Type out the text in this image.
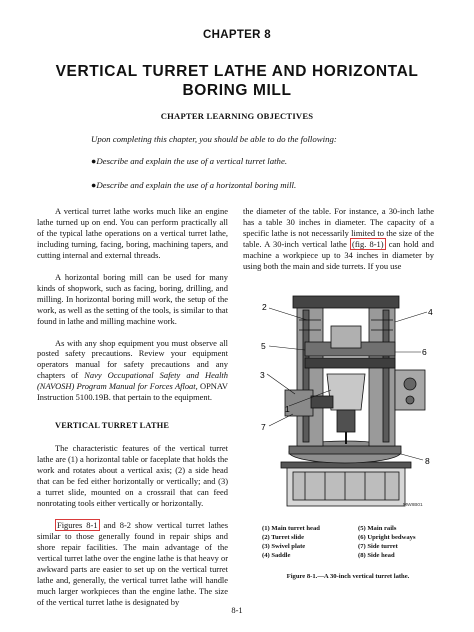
CHAPTER 8
VERTICAL TURRET LATHE AND HORIZONTAL
BORING MILL
CHAPTER LEARNING OBJECTIVES
Upon completing this chapter, you should be able to do the following:
●Describe and explain the use of a vertical turret lathe.
●Describe and explain the use of a horizontal boring mill.

A vertical turret lathe works much like an engine lathe turned up on end. You can perform practically all of the typical lathe operations on a vertical turret lathe, including turning, facing, boring, machining tapers, and cutting internal and external threads.

A horizontal boring mill can be used for many kinds of shopwork, such as facing, boring, drilling, and milling. In horizontal boring mill work, the setup of the work, as well as the setting of the tools, is similar to that found in lathe and milling machine work.

As with any shop equipment you must observe all posted safety precautions. Review your equipment operators manual for safety precautions and any chapters of Navy Occupational Safety and Health (NAVOSH) Program Manual for Forces Afloat, OPNAV Instruction 5100.19B. that pertain to the equipment.

VERTICAL TURRET LATHE

The characteristic features of the vertical turret lathe are (1) a horizontal table or faceplate that holds the work and rotates about a vertical axis; (2) a side head that can be fed either horizontally or vertically; and (3) a turret slide, mounted on a crossrail that can feed nonrotating tools either vertically or horizontally.

Figures 8-1 and 8-2 show vertical turret lathes similar to those generally found in repair ships and shore repair facilities. The main advantage of the vertical turret lathe over the engine lathe is that heavy or awkward parts are easier to set up on the vertical turret lathe and, generally, the vertical turret lathe will handle much larger workpieces than the engine lathe. The size of the vertical turret lathe is designated by

the diameter of the table. For instance, a 30-inch lathe has a table 30 inches in diameter. The capacity of a specific lathe is not necessarily limited to the size of the table. A 30-inch vertical lathe (fig. 8-1) can hold and machine a workpiece up to 34 inches in diameter by using both the main and side turrets. If you use

2	4
5
6
3
1
7
8
MW8B01
(1) Main turret head	(5) Main rails
(2) Turret slide	(6) Upright bedways
(3) Swivel plate	(7) Side turret
(4) Saddle	(8) Side head
Figure 8-1.—A 30-inch vertical turret lathe.
8-1
